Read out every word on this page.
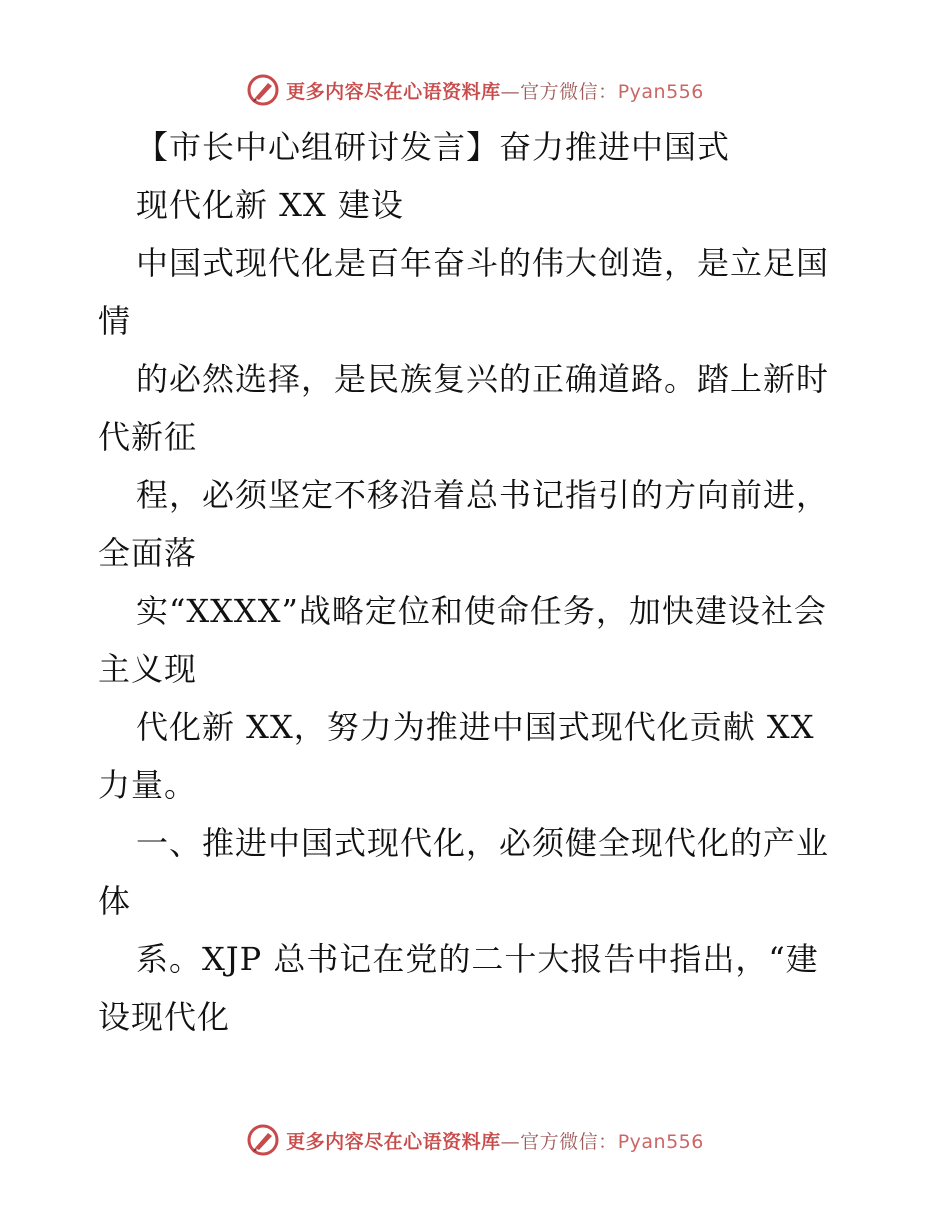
更多内容尽在心语资料库—官方微信：Pyan556
【市长中心组研讨发言】奋力推进中国式
现代化新 XX 建设
中国式现代化是百年奋斗的伟大创造，是立足国
情
的必然选择，是民族复兴的正确道路。踏上新时
代新征
程，必须坚定不移沿着总书记指引的方向前进，
全面落
实“XXXX”战略定位和使命任务，加快建设社会
主义现
代化新 XX，努力为推进中国式现代化贡献 XX
力量。
一、推进中国式现代化，必须健全现代化的产业
体
系。XJP 总书记在党的二十大报告中指出，“建
设现代化
更多内容尽在心语资料库—官方微信：Pyan556
